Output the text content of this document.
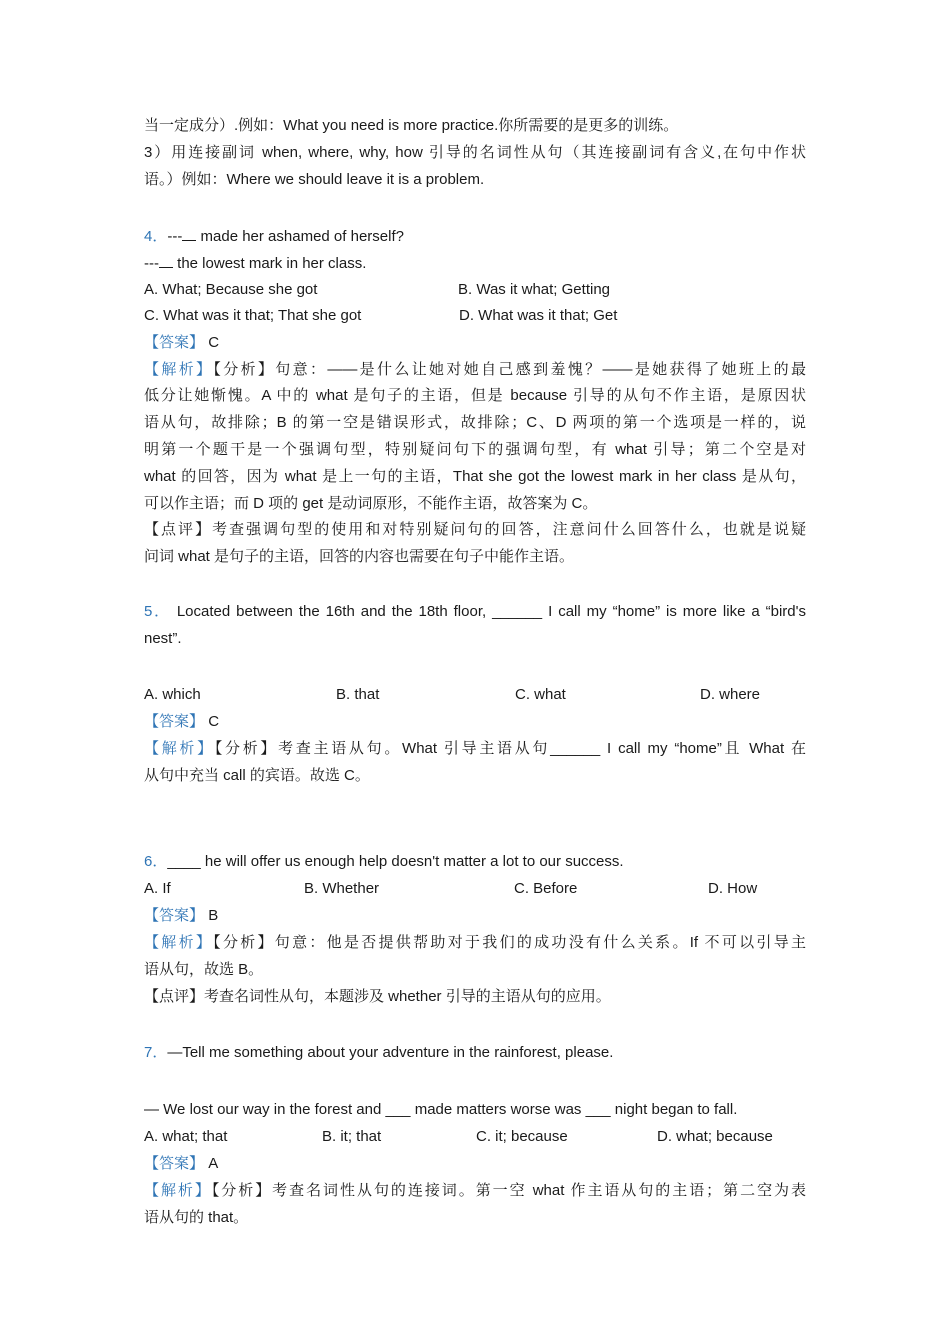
当一定成分）.例如：What you need is more practice.你所需要的是更多的训练。
3）用连接副词 when, where, why, how 引导的名词性从句（其连接副词有含义,在句中作状
语。）例如：Where we should leave it is a problem.
4．--- made her ashamed of herself?
--- the lowest mark in her class.
A. What; Because she got	B. Was it what; Getting
C. What was it that; That she got	D. What was it that; Get
【答案】 C
【解析】【分析】句意：——是什么让她对她自己感到羞愧？——是她获得了她班上的最
低分让她惭愧。A 中的 what 是句子的主语，但是 because 引导的从句不作主语，是原因状
语从句，故排除；B 的第一空是错误形式，故排除；C、D 两项的第一个选项是一样的，说
明第一个题干是一个强调句型，特别疑问句下的强调句型，有 what 引导；第二个空是对
what 的回答，因为 what 是上一句的主语，That she got the lowest mark in her class 是从句，
可以作主语；而 D 项的 get 是动词原形，不能作主语，故答案为 C。
【点评】考查强调句型的使用和对特别疑问句的回答，注意问什么回答什么，也就是说疑
问词 what 是句子的主语，回答的内容也需要在句子中能作主语。
5． Located between the 16th and the 18th floor, ______ I call my “home” is more like a “bird's
nest”.
A. which	B. that	C. what	D. where
【答案】 C
【解析】【分析】考查主语从句。What 引导主语从句______ I call my “home”且 What 在
从句中充当 call 的宾语。故选 C。
6．____ he will offer us enough help doesn't matter a lot to our success.
A. If	B. Whether	C. Before	D. How
【答案】 B
【解析】【分析】句意：他是否提供帮助对于我们的成功没有什么关系。If 不可以引导主
语从句，故选 B。
【点评】考查名词性从句，本题涉及 whether 引导的主语从句的应用。
7．—Tell me something about your adventure in the rainforest, please.
— We lost our way in the forest and ___ made matters worse was ___ night began to fall.
A. what; that	B. it; that	C. it; because	D. what; because
【答案】 A
【解析】【分析】考查名词性从句的连接词。第一空 what 作主语从句的主语；第二空为表
语从句的 that。
